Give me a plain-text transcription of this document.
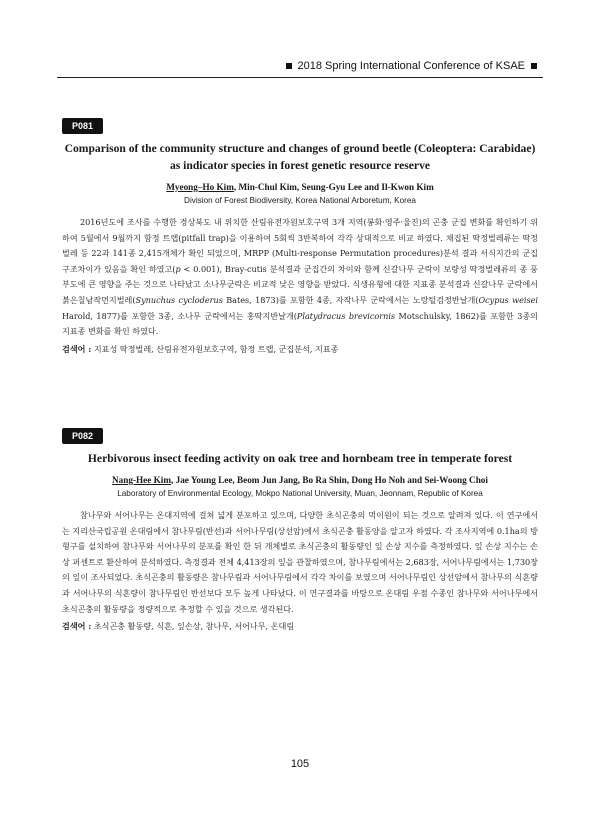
2018 Spring International Conference of KSAE
P081
Comparison of the community structure and changes of ground beetle (Coleoptera: Carabidae)
as indicator species in forest genetic resource reserve
Myeong–Ho Kim, Min-Chul Kim, Seung-Gyu Lee and Il-Kwon Kim
Division of Forest Biodiversity, Korea National Arboretum, Korea
2016년도에 조사를 수행한 경상북도 내 위치한 산림유전자원보호구역 3개 지역(봉화·영주·울진)의 곤충 군집 변화를 확인하기 위하여 5월에서 9월까지 함정 트랩(pitfall trap)을 이용하여 5회씩 3반복하여 각각 상대적으로 비교 하였다. 채집된 딱정벌레류는 딱정벌레 등 22과 141종 2,415개체가 확인 되었으며, MRPP (Multi-response Permutation procedures)분석 결과 서식지간의 군집구조차이가 있음을 확인 하였고(p < 0.001), Bray-cutis 분석결과 군집간의 차이와 함께 신갈나무 군락이 보량성 딱정벌레류의 종 풍부도에 큰 영향을 주는 것으로 나타났고 소나무군락은 비교적 낮은 영향을 받았다. 식생유형에 대한 지표종 분석결과 신갈나무 군락에서 붉은칠남작먼지벌레(Synuchus cycloderus Bates, 1873)를 포함한 4종, 자작나무 군락에서는 노랑털검정반날개(Ocypus weisei Harold, 1877)를 포함한 3종, 소나무 군락에서는 홍딱지반날개(Platydracus brevicornis Motschulsky, 1862)를 포함한 3종의 지표종 변화를 확인 하였다.
검색어 : 지표성 딱정벌레, 산림유전자원보호구역, 함정 트랩, 군집분석, 지표종
P082
Herbivorous insect feeding activity on oak tree and hornbeam tree in temperate forest
Nang-Hee Kim, Jae Young Lee, Beom Jun Jang, Bo Ra Shin, Dong Ho Noh and Sei-Woong Choi
Laboratory of Environmental Ecology, Mokpo National University, Muan, Jeonnam, Republic of Korea
참나무와 서어나무는 온대지역에 걸쳐 넓게 분포하고 있으며, 다양한 초식곤충의 먹이원이 되는 것으로 알려져 있다. 이 연구에서는 지리산국립공원 온대림에서 참나무림(반선)과 서어나무림(상선암)에서 초식곤충 활동양을 알고자 하였다. 각 조사지역에 0.1ha의 방형구를 설치하여 참나무와 서어나무의 분포를 확인 한 뒤 개체별로 초식곤충의 활동량인 잎 손상 지수를 측정하였다. 잎 손상 지수는 손상 퍼센트로 환산하여 분석하였다. 측정결과 전체 4,413장의 잎을 관찰하였으며, 참나무림에서는 2,683장, 서어나무림에서는 1,730장의 잎이 조사되었다. 초식곤충의 활동량은 참나무림과 서어나무림에서 각각 차이를 보였으며 서어나무림인 상선암에서 참나무의 식흔량과 서어나무의 식흔량이 참나무림인 반선보다 모두 높게 나타났다. 이 연구결과를 바탕으로 온대림 우점 수종인 참나무와 서어나무에서 초식곤충의 활동량을 정량적으로 추정할 수 있을 것으로 생각된다.
검색어 : 초식곤충 활동량, 식흔, 잎손상, 참나무, 서어나무, 온대림
105
